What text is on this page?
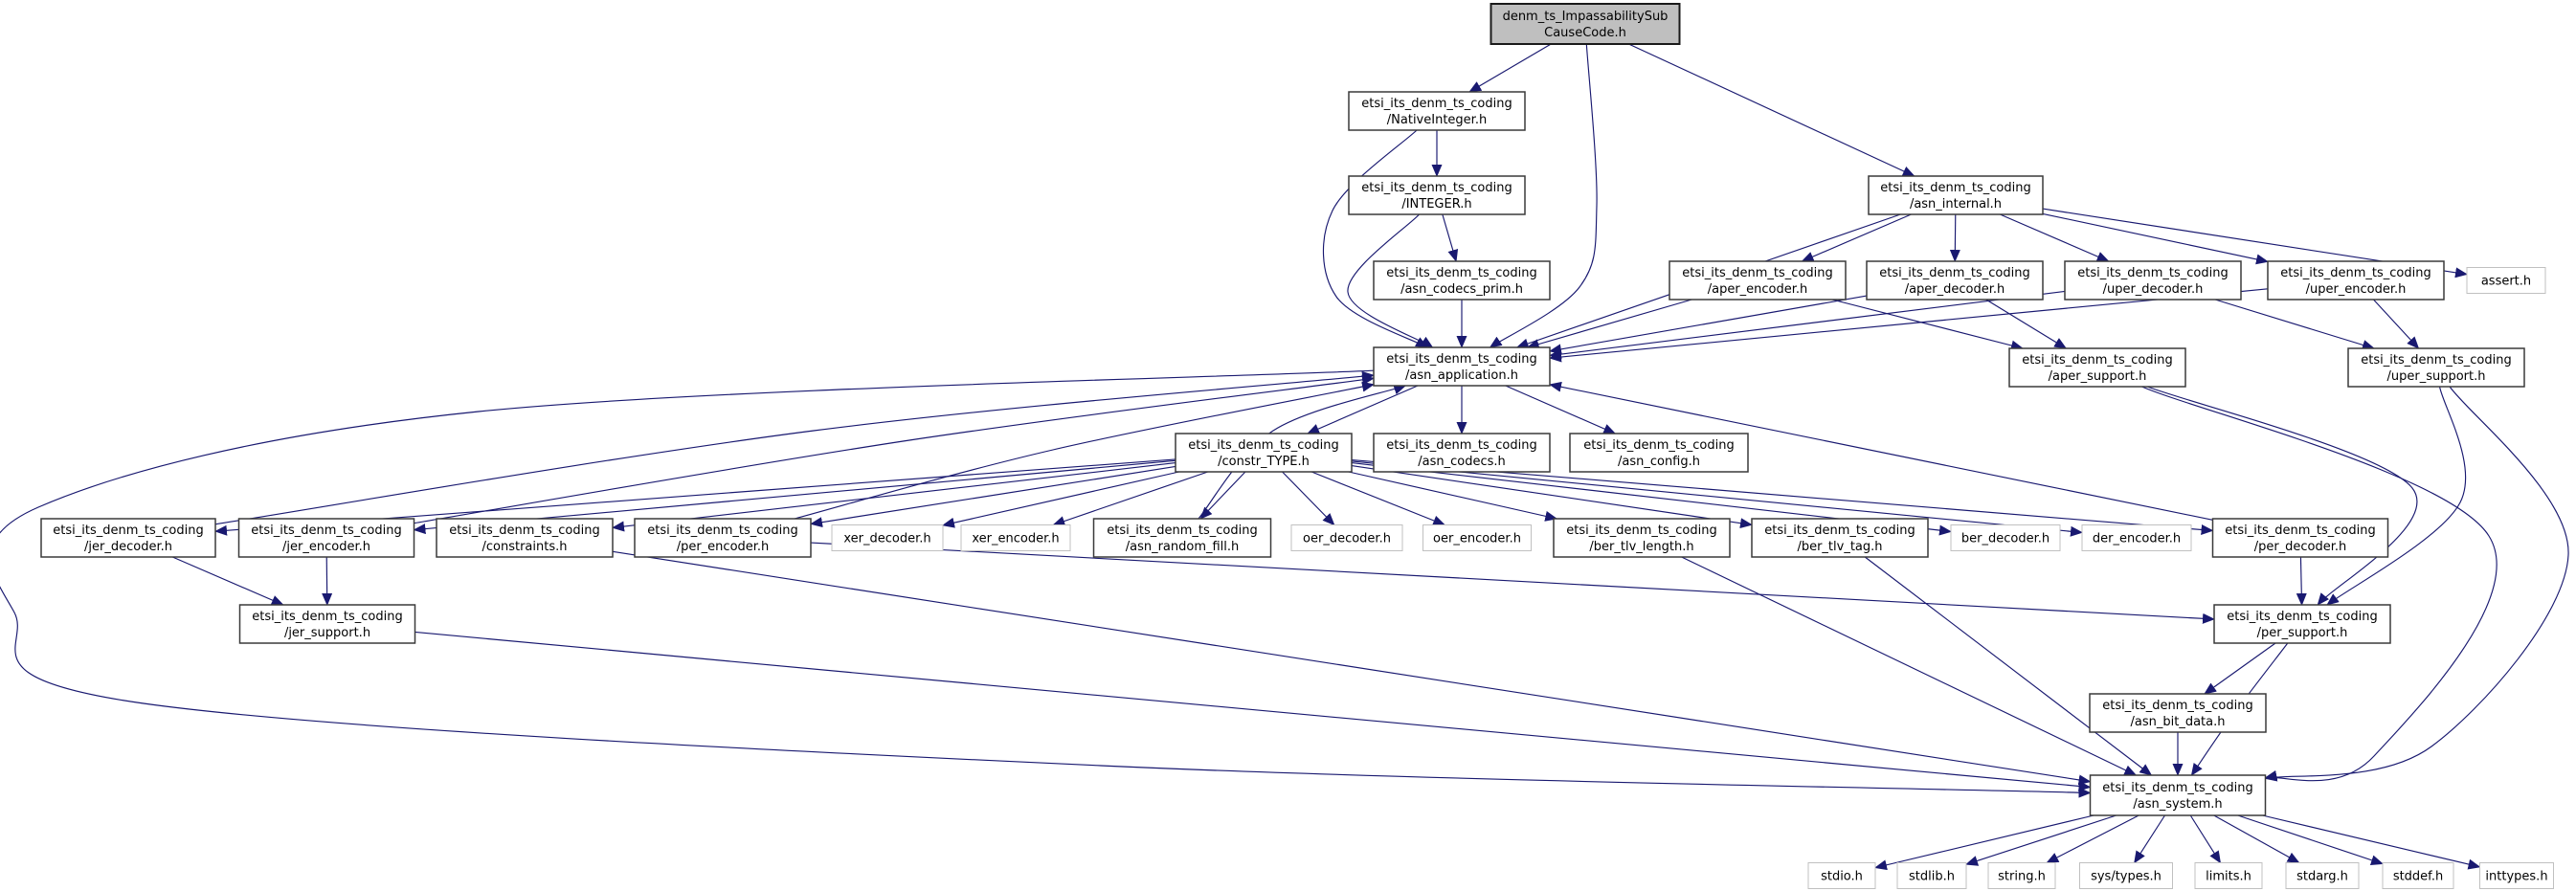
denm_ts_ImpassabilitySub CauseCode.h
etsi_its_denm_ts_coding /NativeInteger.h
etsi_its_denm_ts_coding /INTEGER.h
etsi_its_denm_ts_coding /asn_internal.h
etsi_its_denm_ts_coding /asn_codecs_prim.h
etsi_its_denm_ts_coding /aper_encoder.h
etsi_its_denm_ts_coding /aper_decoder.h
etsi_its_denm_ts_coding /uper_decoder.h
etsi_its_denm_ts_coding /uper_encoder.h
assert.h
etsi_its_denm_ts_coding /asn_application.h
etsi_its_denm_ts_coding /aper_support.h
etsi_its_denm_ts_coding /uper_support.h
etsi_its_denm_ts_coding /constr_TYPE.h
etsi_its_denm_ts_coding /asn_codecs.h
etsi_its_denm_ts_coding /asn_config.h
etsi_its_denm_ts_coding /jer_decoder.h
etsi_its_denm_ts_coding /jer_encoder.h
etsi_its_denm_ts_coding /constraints.h
etsi_its_denm_ts_coding /per_encoder.h
xer_decoder.h	xer_encoder.h
etsi_its_denm_ts_coding /asn_random_fill.h
oer_decoder.h	oer_encoder.h
etsi_its_denm_ts_coding /ber_tlv_length.h
etsi_its_denm_ts_coding /ber_tlv_tag.h
ber_decoder.h	der_encoder.h
etsi_its_denm_ts_coding /per_decoder.h
etsi_its_denm_ts_coding /jer_support.h
etsi_its_denm_ts_coding /per_support.h
etsi_its_denm_ts_coding /asn_bit_data.h
etsi_its_denm_ts_coding /asn_system.h
stdio.h	stdlib.h	string.h	sys/types.h	limits.h	stdarg.h	stddef.h	inttypes.h
